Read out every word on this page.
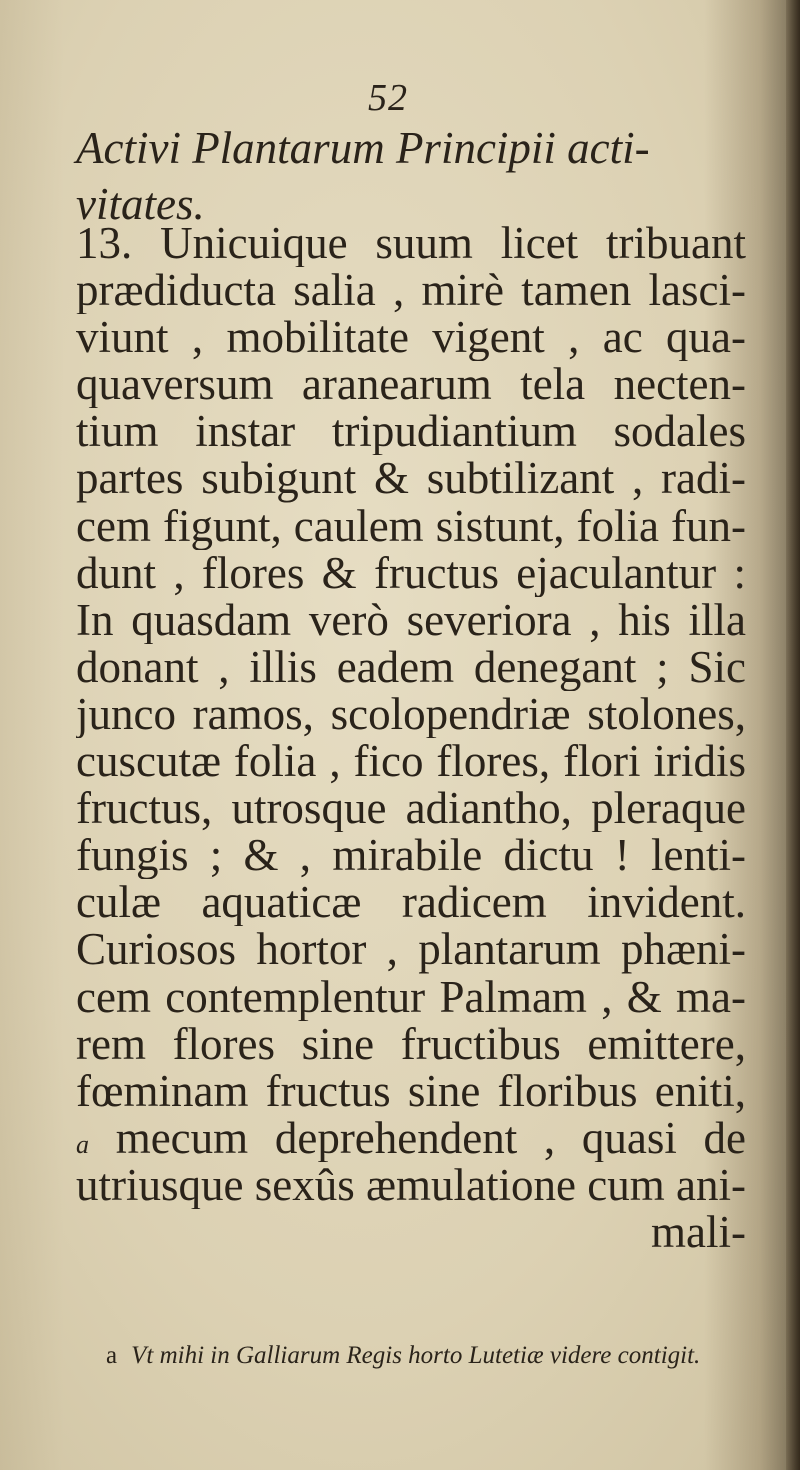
52
Activi Plantarum Principii acti-
vitates.
13. Unicuique suum licet tribuant
prædiducta salia , mirè tamen lasci-
viunt , mobilitate vigent , ac qua-
quaversum aranearum tela necten-
tium instar tripudiantium sodales
partes subigunt & subtilizant , radi-
cem figunt, caulem sistunt, folia fun-
dunt , flores & fructus ejaculantur :
In quasdam verò severiora , his illa
donant , illis eadem denegant ; Sic
junco ramos, scolopendriæ stolones,
cuscutæ folia , fico flores, flori iridis
fructus, utrosque adiantho, pleraque
fungis ; & , mirabile dictu ! lenti-
culæ aquaticæ radicem invident.
Curiosos hortor , plantarum phæni-
cem contemplentur Palmam , & ma-
rem flores sine fructibus emittere,
fœminam fructus sine floribus eniti,
a mecum deprehendent , quasi de
utriusque sexûs æmulatione cum ani-
mali-
a Vt mihi in Galliarum Regis horto Lutetiæ videre contigit.
